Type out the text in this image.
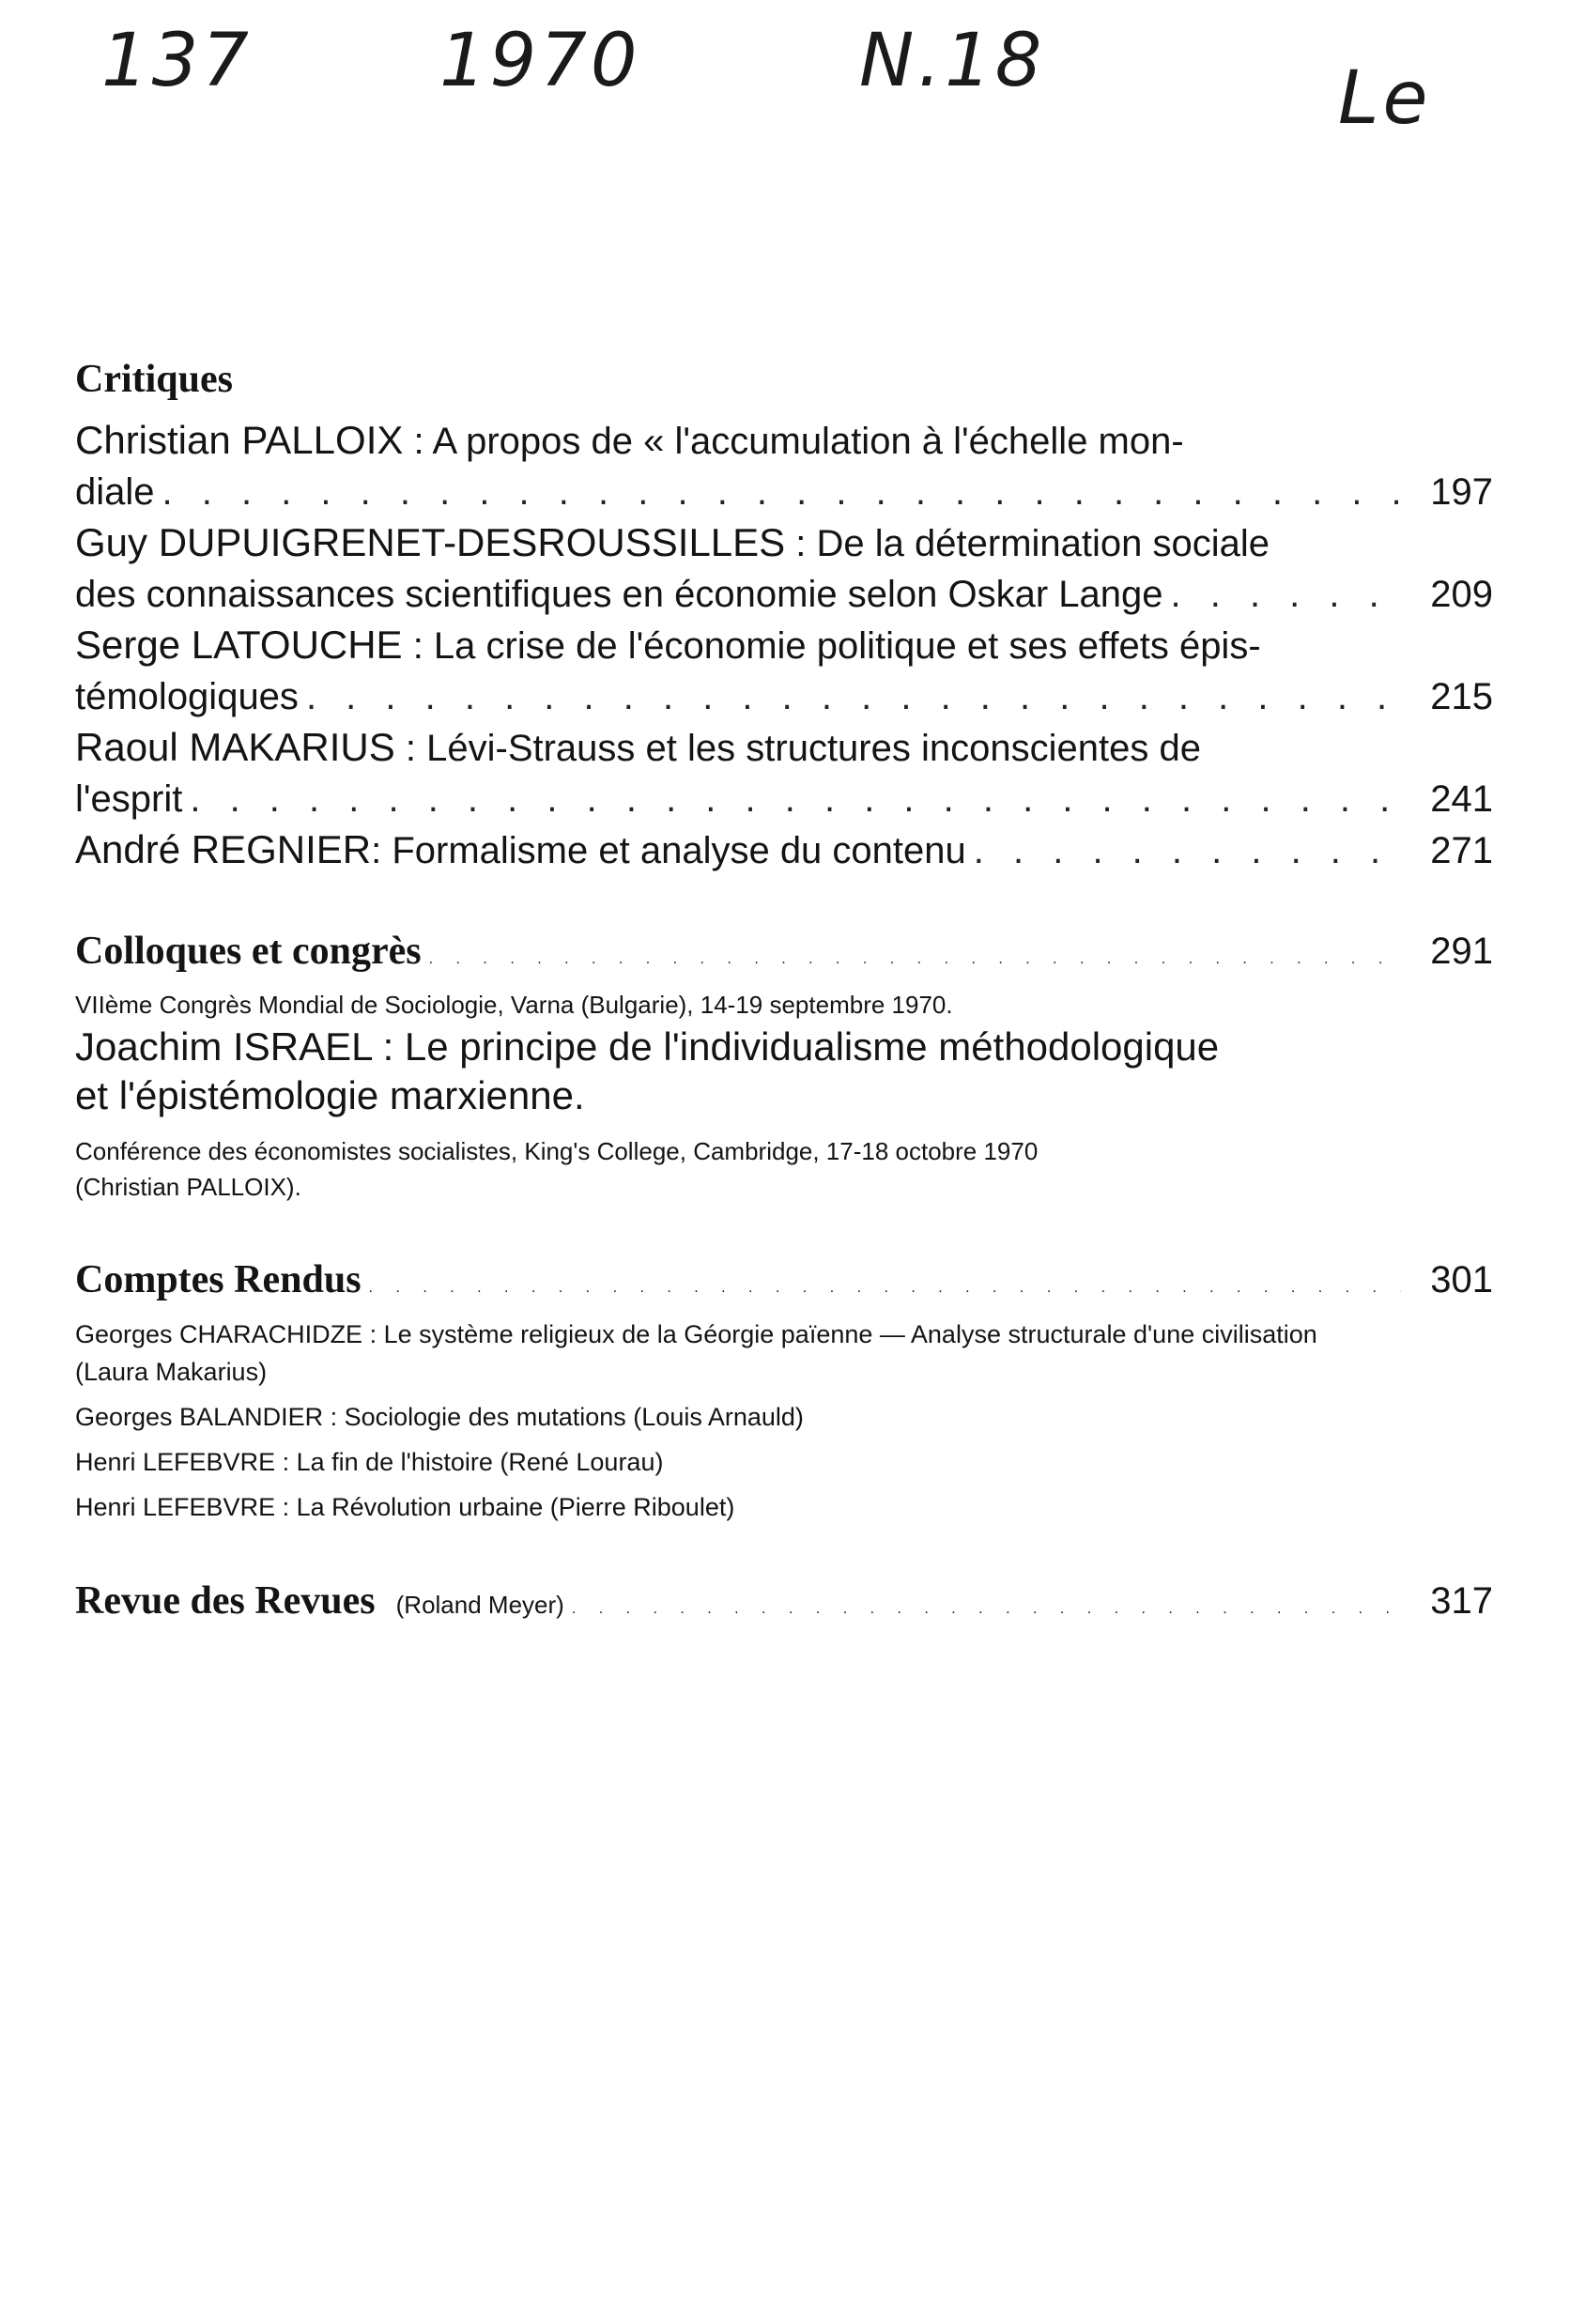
137	1970	N.18	Le
Critiques
Christian PALLOIX : A propos de « l'accumulation à l'échelle mon-
diale . . .	197
Guy DUPUIGRENET-DESROUSSILLES : De la détermination sociale
des connaissances scientifiques en économie selon Oskar Lange . . .	209
Serge LATOUCHE : La crise de l'économie politique et ses effets épis-
témologiques . . .	215
Raoul MAKARIUS : Lévi-Strauss et les structures inconscientes de
l'esprit . . .	241
André REGNIER : Formalisme et analyse du contenu . . .	271
Colloques et congrès . . .	291
VIIème Congrès Mondial de Sociologie, Varna (Bulgarie), 14-19 septembre 1970.
Joachim ISRAEL : Le principe de l'individualisme méthodologique
et l'épistémologie marxienne.
Conférence des économistes socialistes, King's College, Cambridge, 17-18 octobre 1970
(Christian PALLOIX).
Comptes Rendus . . .	301
Georges CHARACHIDZE : Le système religieux de la Géorgie païenne — Analyse structurale d'une civilisation (Laura Makarius)
Georges BALANDIER : Sociologie des mutations (Louis Arnauld)
Henri LEFEBVRE : La fin de l'histoire (René Lourau)
Henri LEFEBVRE : La Révolution urbaine (Pierre Riboulet)
Revue des Revues (Roland Meyer) . . .	317
